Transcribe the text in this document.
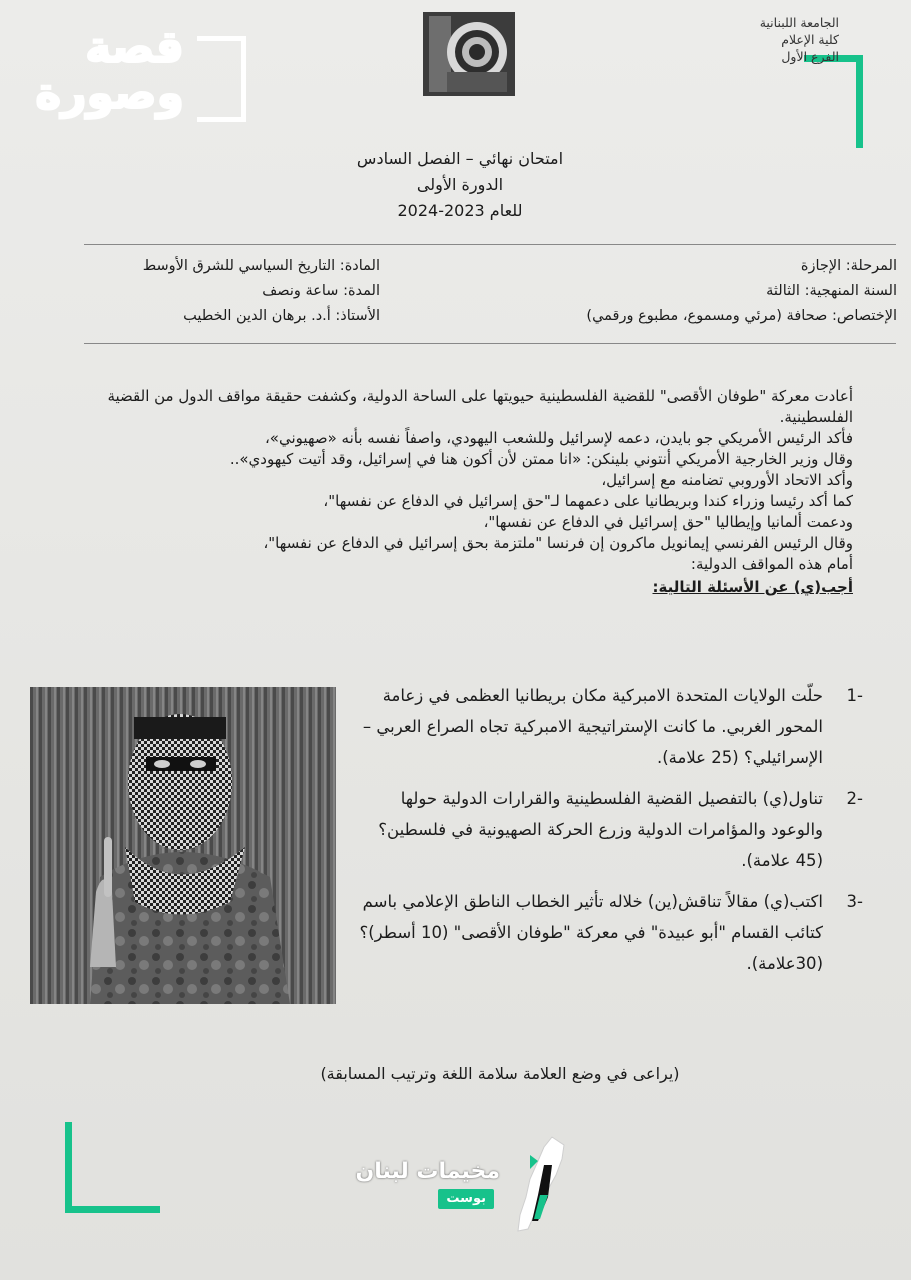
قصة
وصورة
الجامعة اللبنانية
كلية الإعلام
الفرع الأول
امتحان نهائي – الفصل السادس
الدورة الأولى
للعام 2023-2024
المرحلة: الإجازة
السنة المنهجية: الثالثة
الإختصاص: صحافة (مرئي ومسموع، مطبوع ورقمي)
المادة: التاريخ السياسي للشرق الأوسط
المدة: ساعة ونصف
الأستاذ: أ.د. برهان الدين الخطيب

أعادت معركة "طوفان الأقصى" للقضية الفلسطينية حيويتها على الساحة الدولية، وكشفت حقيقة مواقف الدول من القضية الفلسطينية.

فأكد الرئيس الأمريكي جو بايدن، دعمه لإسرائيل وللشعب اليهودي، واصفاً نفسه بأنه «صهيوني»،

وقال وزير الخارجية الأمريكي أنتوني بلينكن: «انا ممتن لأن أكون هنا في إسرائيل، وقد أتيت كيهودي»..

وأكد الاتحاد الأوروبي تضامنه مع إسرائيل،

كما أكد رئيسا وزراء كندا وبريطانيا على دعمهما لـ"حق إسرائيل في الدفاع عن نفسها"،

ودعمت ألمانيا وإيطاليا "حق إسرائيل في الدفاع عن نفسها"،

وقال الرئيس الفرنسي إيمانويل ماكرون إن فرنسا "ملتزمة بحق إسرائيل في الدفاع عن نفسها"،

أمام هذه المواقف الدولية:

أجب(ي) عن الأسئلة التالية:

-1
حلّت الولايات المتحدة الامبركية مكان بريطانيا العظمى في زعامة المحور الغربي. ما كانت الإستراتيجية الامبركية تجاه الصراع العربي – الإسرائيلي؟ (25 علامة).
-2
تناول(ي) بالتفصيل القضية الفلسطينية والقرارات الدولية حولها والوعود والمؤامرات الدولية وزرع الحركة الصهيونية في فلسطين؟ (45 علامة).
-3
اكتب(ي) مقالاً تناقش(ين) خلاله تأثير الخطاب الناطق الإعلامي باسم كتائب القسام "أبو عبيدة" في معركة "طوفان الأقصى" (10 أسطر)؟ (30علامة).
(يراعى في وضع العلامة سلامة اللغة وترتيب المسابقة)
مخيمات لبنان
بوست
